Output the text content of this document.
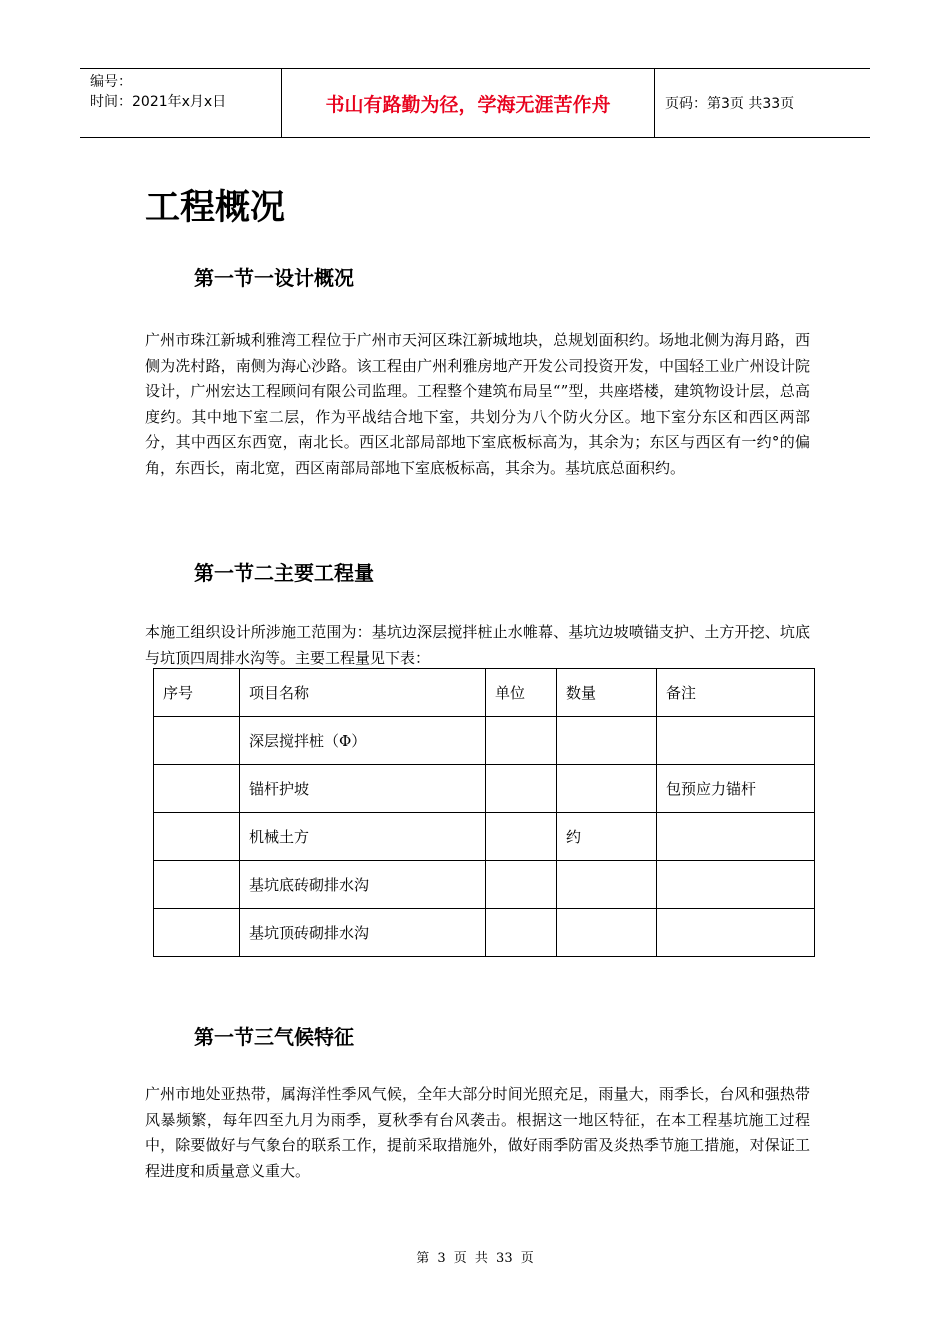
编号：
时间：2021年x月x日	书山有路勤为径，学海无涯苦作舟	页码：第3页 共33页
工程概况
第一节一设计概况

广州市珠江新城利雅湾工程位于广州市天河区珠江新城地块，总规划面积约。场地北侧为海月路，西侧为冼村路，南侧为海心沙路。该工程由广州利雅房地产开发公司投资开发，中国轻工业广州设计院设计，广州宏达工程顾问有限公司监理。工程整个建筑布局呈“”型，共座塔楼，建筑物设计层，总高度约。其中地下室二层，作为平战结合地下室，共划分为八个防火分区。地下室分东区和西区两部分，其中西区东西宽，南北长。西区北部局部地下室底板标高为，其余为；东区与西区有一约°的偏角，东西长，南北宽，西区南部局部地下室底板标高，其余为。基坑底总面积约。

第一节二主要工程量

本施工组织设计所涉施工范围为：基坑边深层搅拌桩止水帷幕、基坑边坡喷锚支护、土方开挖、坑底与坑顶四周排水沟等。主要工程量见下表：

序号	项目名称	单位	数量	备注
	深层搅拌桩（Φ）			
	锚杆护坡			包预应力锚杆
	机械土方		约	
	基坑底砖砌排水沟			
	基坑顶砖砌排水沟			
第一节三气候特征

广州市地处亚热带，属海洋性季风气候，全年大部分时间光照充足，雨量大，雨季长，台风和强热带风暴频繁，每年四至九月为雨季，夏秋季有台风袭击。根据这一地区特征，在本工程基坑施工过程中，除要做好与气象台的联系工作，提前采取措施外，做好雨季防雷及炎热季节施工措施，对保证工程进度和质量意义重大。

第 3 页 共 33 页
